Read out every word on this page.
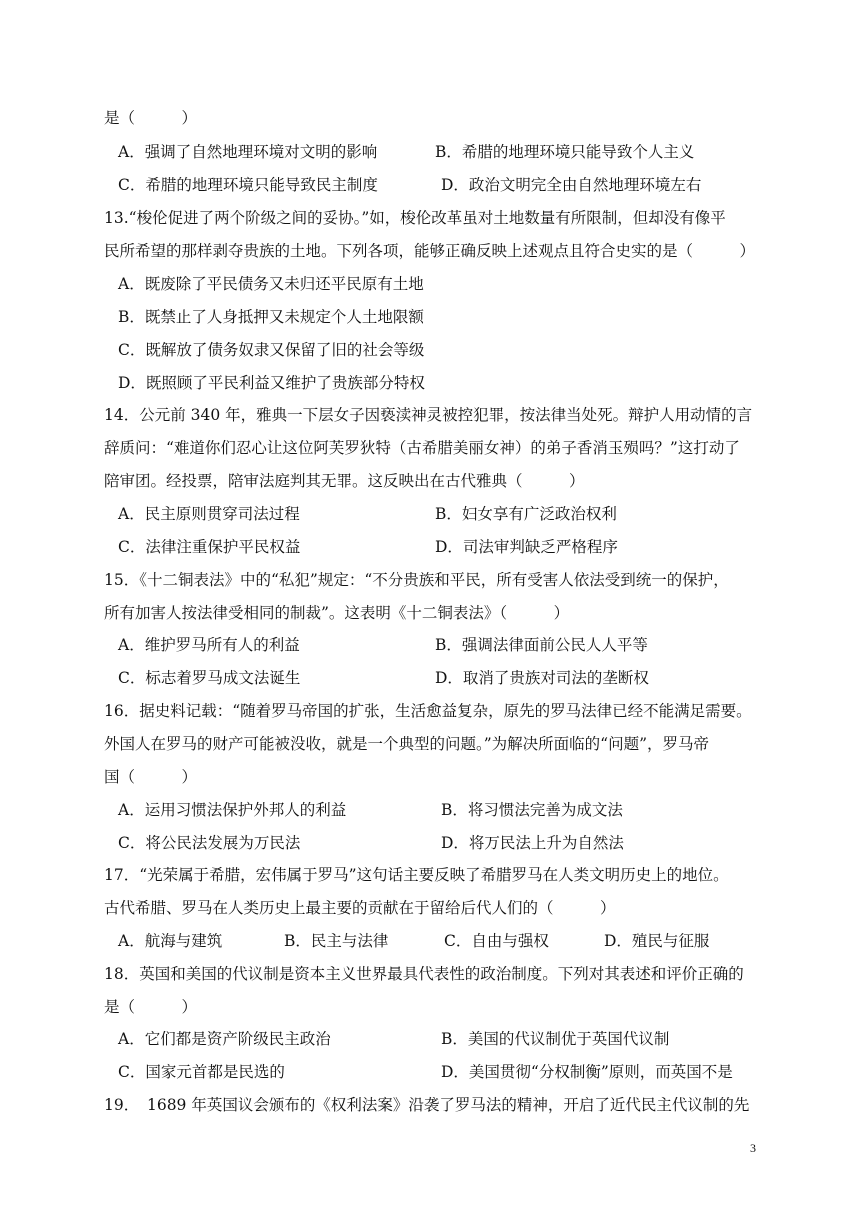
是（　　　）
A．强调了自然地理环境对文明的影响	B．希腊的地理环境只能导致个人主义
C．希腊的地理环境只能导致民主制度	D．政治文明完全由自然地理环境左右
13.“梭伦促进了两个阶级之间的妥协。”如，梭伦改革虽对土地数量有所限制，但却没有像平
民所希望的那样剥夺贵族的土地。下列各项，能够正确反映上述观点且符合史实的是（　　　）
A．既废除了平民债务又未归还平民原有土地
B．既禁止了人身抵押又未规定个人土地限额
C．既解放了债务奴隶又保留了旧的社会等级
D．既照顾了平民利益又维护了贵族部分特权
14．公元前 340 年，雅典一下层女子因亵渎神灵被控犯罪，按法律当处死。辩护人用动情的言
辞质问：“难道你们忍心让这位阿芙罗狄特（古希腊美丽女神）的弟子香消玉殒吗？”这打动了
陪审团。经投票，陪审法庭判其无罪。这反映出在古代雅典（　　　）
A．民主原则贯穿司法过程	B．妇女享有广泛政治权利
C．法律注重保护平民权益	D．司法审判缺乏严格程序
15．《十二铜表法》中的“私犯”规定：“不分贵族和平民，所有受害人依法受到统一的保护，
所有加害人按法律受相同的制裁”。这表明《十二铜表法》（　　　）
A．维护罗马所有人的利益	B．强调法律面前公民人人平等
C．标志着罗马成文法诞生	D．取消了贵族对司法的垄断权
16．据史料记载：“随着罗马帝国的扩张，生活愈益复杂，原先的罗马法律已经不能满足需要。
外国人在罗马的财产可能被没收，就是一个典型的问题。”为解决所面临的“问题”，罗马帝
国（　　　）
A．运用习惯法保护外邦人的利益	B．将习惯法完善为成文法
C．将公民法发展为万民法	D．将万民法上升为自然法
17．“光荣属于希腊，宏伟属于罗马”这句话主要反映了希腊罗马在人类文明历史上的地位。
古代希腊、罗马在人类历史上最主要的贡献在于留给后代人们的（　　　）
A．航海与建筑	B．民主与法律	C．自由与强权	D．殖民与征服
18．英国和美国的代议制是资本主义世界最具代表性的政治制度。下列对其表述和评价正确的
是（　　　）
A．它们都是资产阶级民主政治	B．美国的代议制优于英国代议制
C．国家元首都是民选的	D．美国贯彻“分权制衡”原则，而英国不是
19．　1689 年英国议会颁布的《权利法案》沿袭了罗马法的精神，开启了近代民主代议制的先
3
